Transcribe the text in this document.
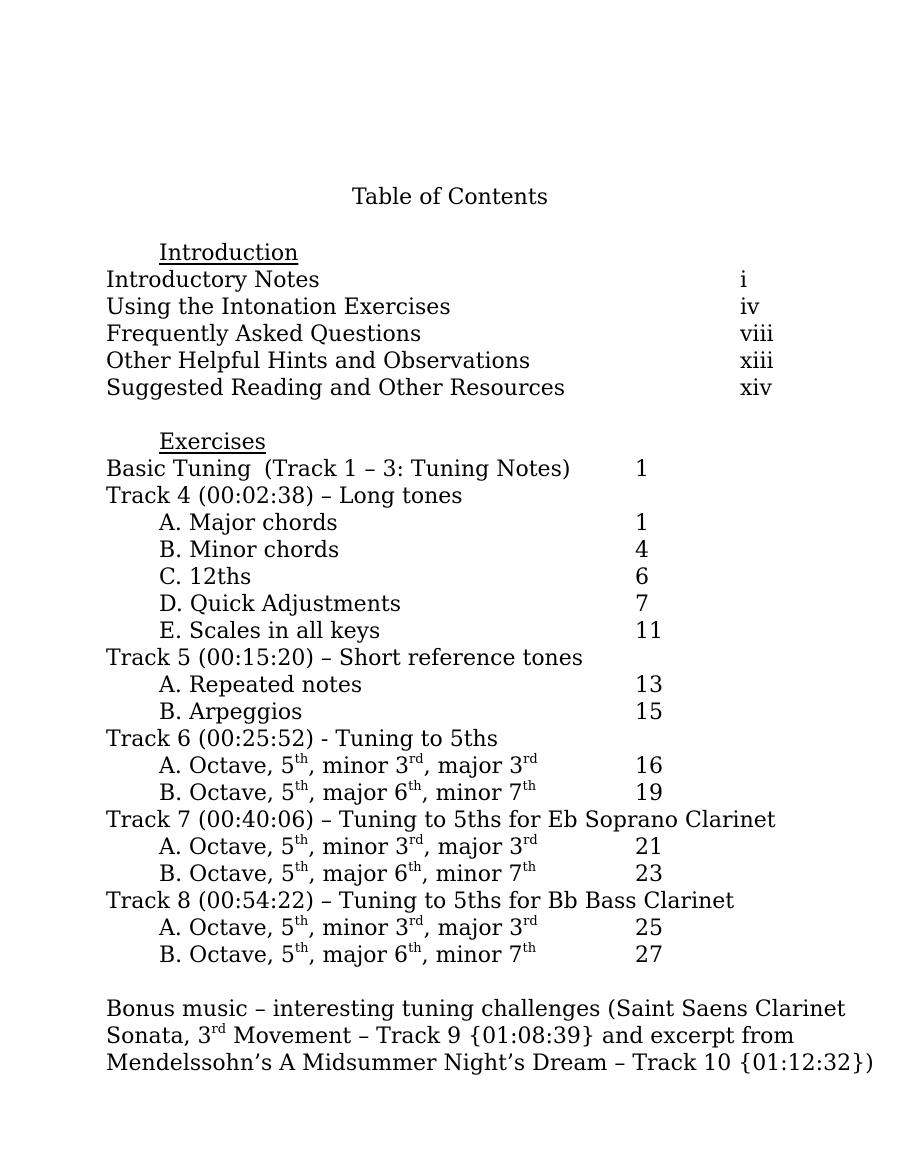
Table of Contents
Introduction
Introductory Notes	i
Using the Intonation Exercises	iv
Frequently Asked Questions	viii
Other Helpful Hints and Observations	xiii
Suggested Reading and Other Resources	xiv
Exercises
Basic Tuning (Track 1 – 3: Tuning Notes)	1
Track 4 (00:02:38) – Long tones
A. Major chords	1
B. Minor chords	4
C. 12ths	6
D. Quick Adjustments	7
E. Scales in all keys	11
Track 5 (00:15:20) – Short reference tones
A. Repeated notes	13
B. Arpeggios	15
Track 6 (00:25:52) - Tuning to 5ths
A. Octave, 5th, minor 3rd, major 3rd	16
B. Octave, 5th, major 6th, minor 7th	19
Track 7 (00:40:06) – Tuning to 5ths for Eb Soprano Clarinet
A. Octave, 5th, minor 3rd, major 3rd	21
B. Octave, 5th, major 6th, minor 7th	23
Track 8 (00:54:22) – Tuning to 5ths for Bb Bass Clarinet
A. Octave, 5th, minor 3rd, major 3rd	25
B. Octave, 5th, major 6th, minor 7th	27
Bonus music – interesting tuning challenges (Saint Saens Clarinet
Sonata, 3rd Movement – Track 9 {01:08:39} and excerpt from
Mendelssohn’s A Midsummer Night’s Dream – Track 10 {01:12:32})
